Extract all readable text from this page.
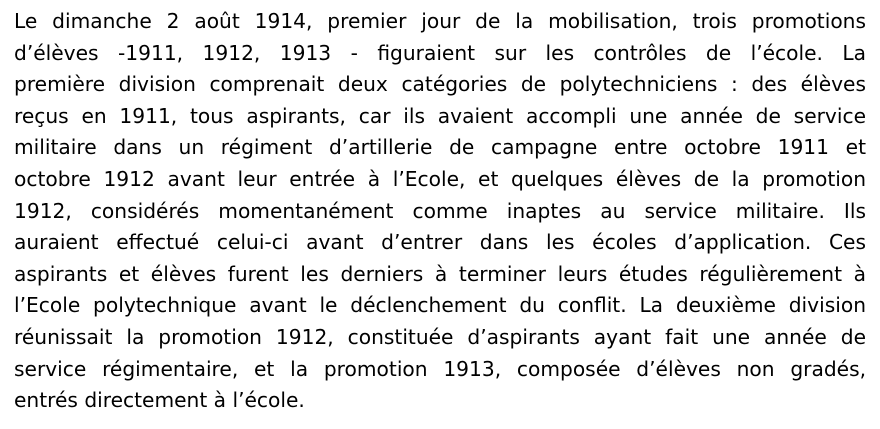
Le dimanche 2 août 1914, premier jour de la mobilisation, trois promotions
d’élèves -1911, 1912, 1913 - figuraient sur les contrôles de l’école. La
première division comprenait deux catégories de polytechniciens : des élèves
reçus en 1911, tous aspirants, car ils avaient accompli une année de service
militaire dans un régiment d’artillerie de campagne entre octobre 1911 et
octobre 1912 avant leur entrée à l’Ecole, et quelques élèves de la promotion
1912, considérés momentanément comme inaptes au service militaire. Ils
auraient effectué celui-ci avant d’entrer dans les écoles d’application. Ces
aspirants et élèves furent les derniers à terminer leurs études régulièrement à
l’Ecole polytechnique avant le déclenchement du conflit. La deuxième division
réunissait la promotion 1912, constituée d’aspirants ayant fait une année de
service régimentaire, et la promotion 1913, composée d’élèves non gradés,
entrés directement à l’école.
